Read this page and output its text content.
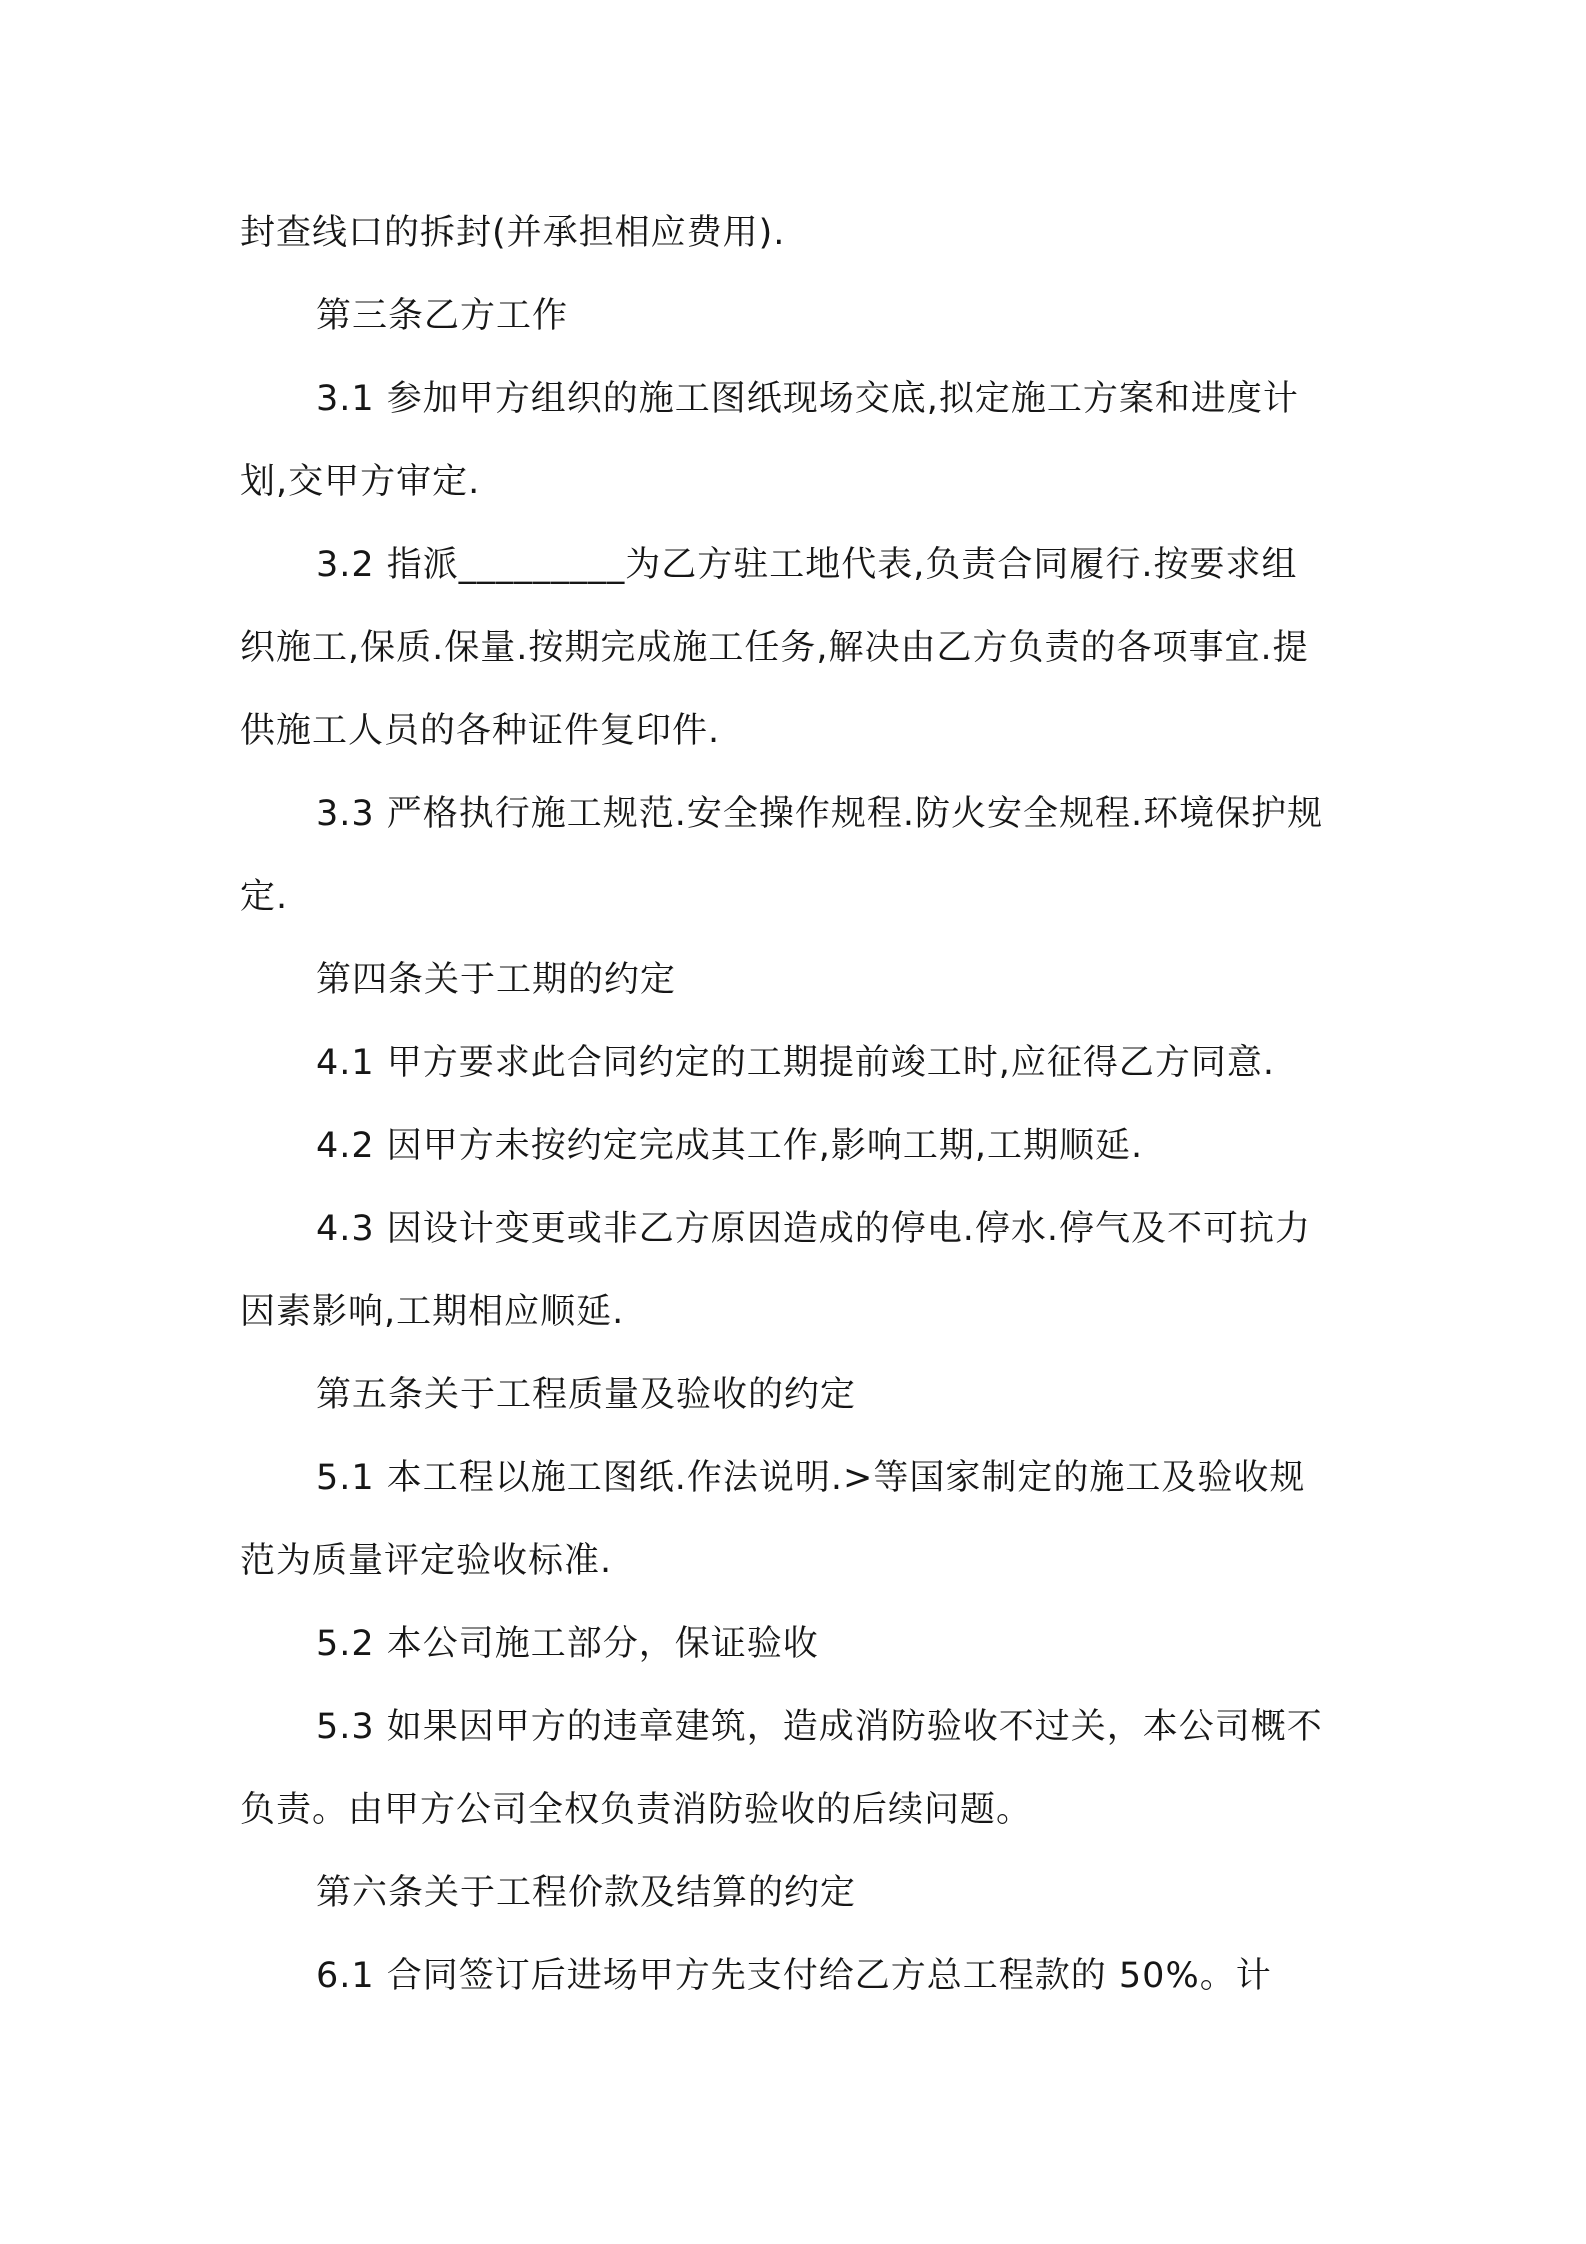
封查线口的拆封(并承担相应费用).

第三条乙方工作

3.1 参加甲方组织的施工图纸现场交底,拟定施工方案和进度计

划,交甲方审定.

3.2 指派_________为乙方驻工地代表,负责合同履行.按要求组

织施工,保质.保量.按期完成施工任务,解决由乙方负责的各项事宜.提

供施工人员的各种证件复印件.

3.3 严格执行施工规范.安全操作规程.防火安全规程.环境保护规

定.

第四条关于工期的约定

4.1 甲方要求此合同约定的工期提前竣工时,应征得乙方同意.

4.2 因甲方未按约定完成其工作,影响工期,工期顺延.

4.3 因设计变更或非乙方原因造成的停电.停水.停气及不可抗力

因素影响,工期相应顺延.

第五条关于工程质量及验收的约定

5.1 本工程以施工图纸.作法说明.>等国家制定的施工及验收规

范为质量评定验收标准.

5.2 本公司施工部分，保证验收

5.3 如果因甲方的违章建筑，造成消防验收不过关，本公司概不

负责。由甲方公司全权负责消防验收的后续问题。

第六条关于工程价款及结算的约定

6.1 合同签订后进场甲方先支付给乙方总工程款的 50%。计
